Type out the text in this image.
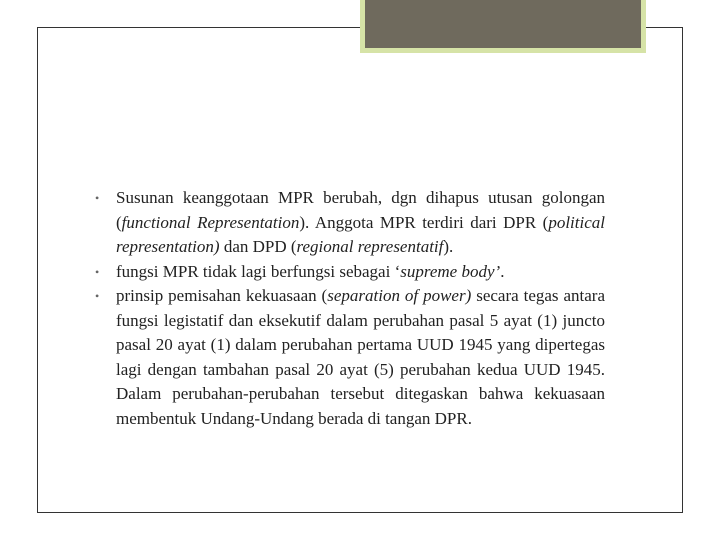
• Susunan keanggotaan MPR berubah, dgn dihapus utusan golongan (functional Representation). Anggota MPR terdiri dari DPR (political representation) dan DPD (regional representatif).
• fungsi MPR tidak lagi berfungsi sebagai ‘supreme body’.
• prinsip pemisahan kekuasaan (separation of power) secara tegas antara fungsi legistatif dan eksekutif dalam perubahan pasal 5 ayat (1) juncto pasal 20 ayat (1) dalam perubahan pertama UUD 1945 yang dipertegas lagi dengan tambahan pasal 20 ayat (5) perubahan kedua UUD 1945. Dalam perubahan-perubahan tersebut ditegaskan bahwa kekuasaan membentuk Undang-Undang berada di tangan DPR.
